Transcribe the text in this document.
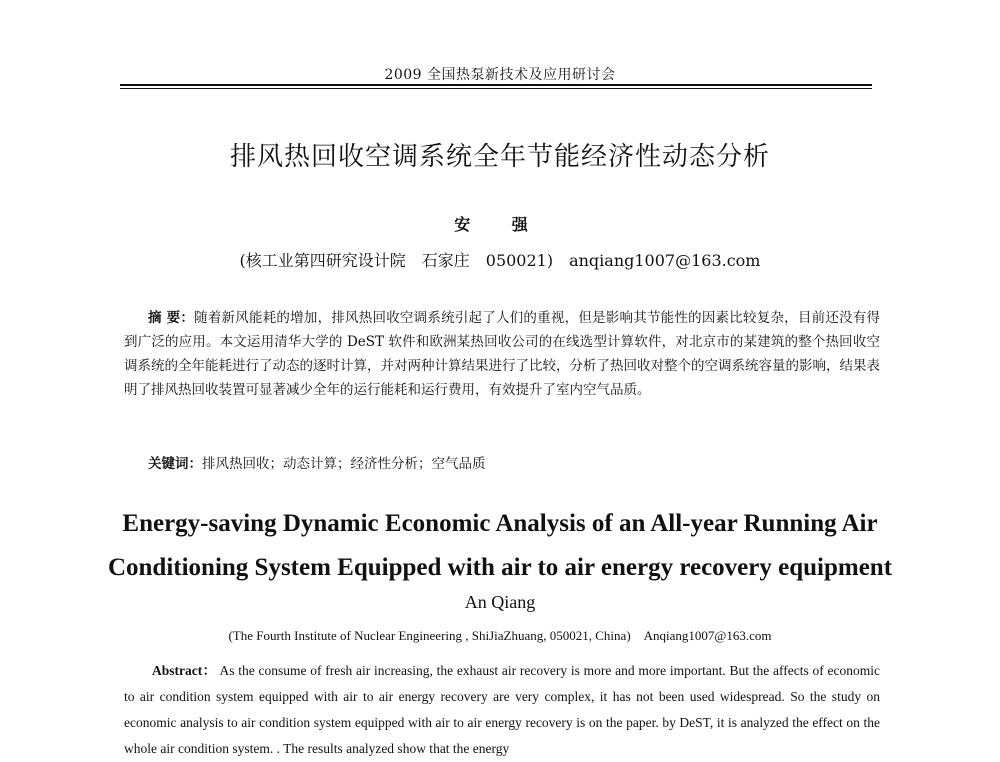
2009 全国热泵新技术及应用研讨会
排风热回收空调系统全年节能经济性动态分析
安 强
(核工业第四研究设计院　石家庄　050021)　anqiang1007@163.com
摘 要：随着新风能耗的增加，排风热回收空调系统引起了人们的重视，但是影响其节能性的因素比较复杂，目前还没有得到广泛的应用。本文运用清华大学的 DeST 软件和欧洲某热回收公司的在线选型计算软件，对北京市的某建筑的整个热回收空调系统的全年能耗进行了动态的逐时计算，并对两种计算结果进行了比较，分析了热回收对整个的空调系统容量的影响，结果表明了排风热回收装置可显著减少全年的运行能耗和运行费用，有效提升了室内空气品质。
关键词：排风热回收；动态计算；经济性分析；空气品质
Energy-saving Dynamic Economic Analysis of an All-year Running Air
Conditioning System Equipped with air to air energy recovery equipment
An Qiang
(The Fourth Institute of Nuclear Engineering , ShiJiaZhuang, 050021, China)　Anqiang1007@163.com
Abstract： As the consume of fresh air increasing, the exhaust air recovery is more and more important. But the affects of economic to air condition system equipped with air to air energy recovery are very complex, it has not been used widespread. So the study on economic analysis to air condition system equipped with air to air energy recovery is on the paper. by DeST, it is analyzed the effect on the whole air condition system. . The results analyzed show that the energy
